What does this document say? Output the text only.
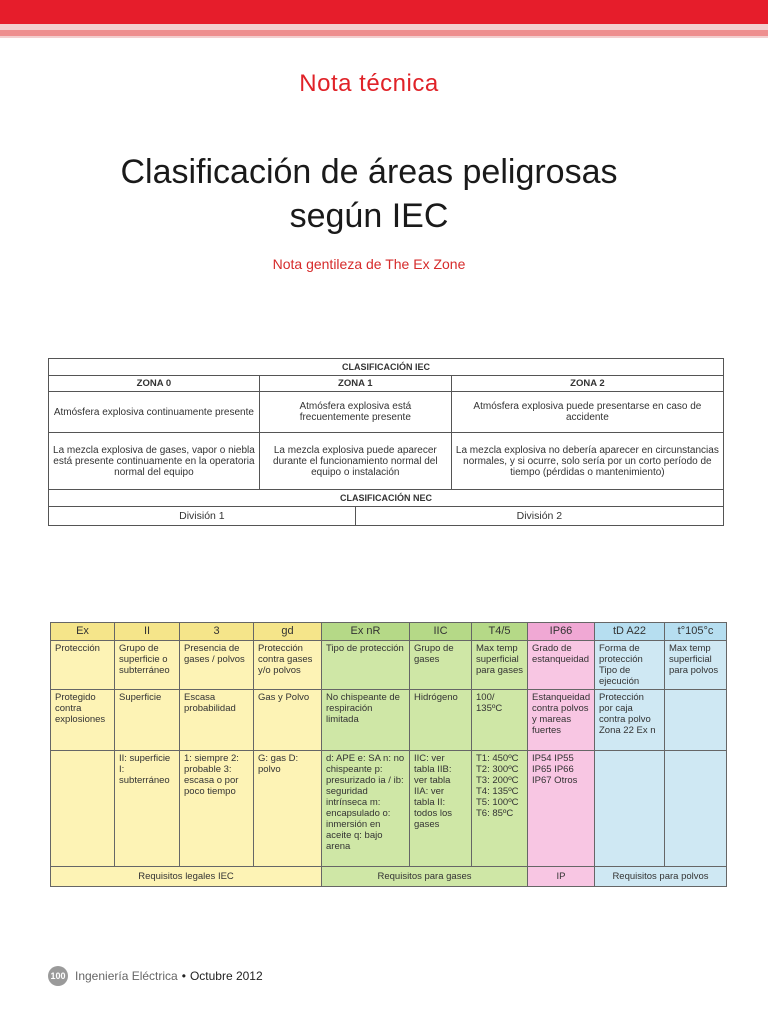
Nota técnica
Clasificación de áreas peligrosas
según IEC
Nota gentileza de The Ex Zone
CLASIFICACIÓN IEC			
ZONA 0	ZONA 1		ZONA 2
Atmósfera explosiva continuamente presente	Atmósfera explosiva está frecuentemente presente		Atmósfera explosiva puede presentarse en caso de accidente
La mezcla explosiva de gases, vapor o niebla está presente continuamente en la operatoria normal del equipo	La mezcla explosiva puede aparecer durante el funcionamiento normal del equipo o instalación		La mezcla explosiva no debería aparecer en circunstancias normales, y si ocurre, solo sería por un corto período de tiempo (pérdidas o mantenimiento)
CLASIFICACIÓN NEC			
División 1		División 2	
Ex	II	3	gd	Ex nR	IIC	T4/5	IP66	tD A22	t°105°c
Protección	Grupo de superficie o subterráneo	Presencia de gases / polvos	Protección contra gases y/o polvos	Tipo de protección	Grupo de gases	Max temp superficial para gases	Grado de estanqueidad	Forma de protección Tipo de ejecución	Max temp superficial para polvos
Protegido contra explosiones	Superficie	Escasa probabilidad	Gas y Polvo	No chispeante de respiración limitada	Hidrógeno	100/ 135ºC	Estanqueidad contra polvos y mareas fuertes	Protección por caja contra polvo Zona 22 Ex n	
	II: superficie I: subterráneo	1: siempre 2: probable 3: escasa o por poco tiempo	G: gas D: polvo	d: APE e: SA n: no chispeante p: presurizado ia / ib: seguridad intrínseca m: encapsulado o: inmersión en aceite q: bajo arena	IIC: ver tabla IIB: ver tabla IIA: ver tabla II: todos los gases	T1: 450ºC T2: 300ºC T3: 200ºC T4: 135ºC T5: 100ºC T6: 85ºC	IP54 IP55 IP65 IP66 IP67 Otros		
Requisitos legales IEC				Requisitos para gases			IP	Requisitos para polvos	
100 Ingeniería Eléctrica • Octubre 2012
